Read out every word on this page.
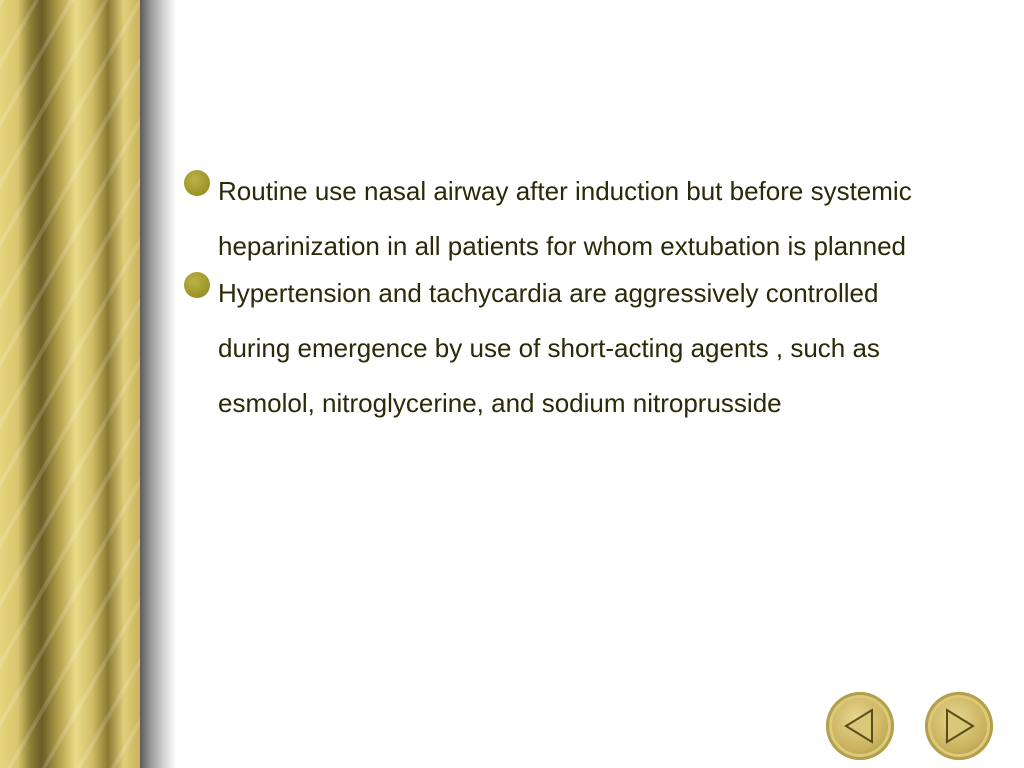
Routine use nasal airway after induction but before systemic heparinization in all patients for whom extubation is planned
Hypertension and tachycardia are aggressively controlled during emergence by use of short-acting agents , such as esmolol, nitroglycerine, and sodium nitroprusside
